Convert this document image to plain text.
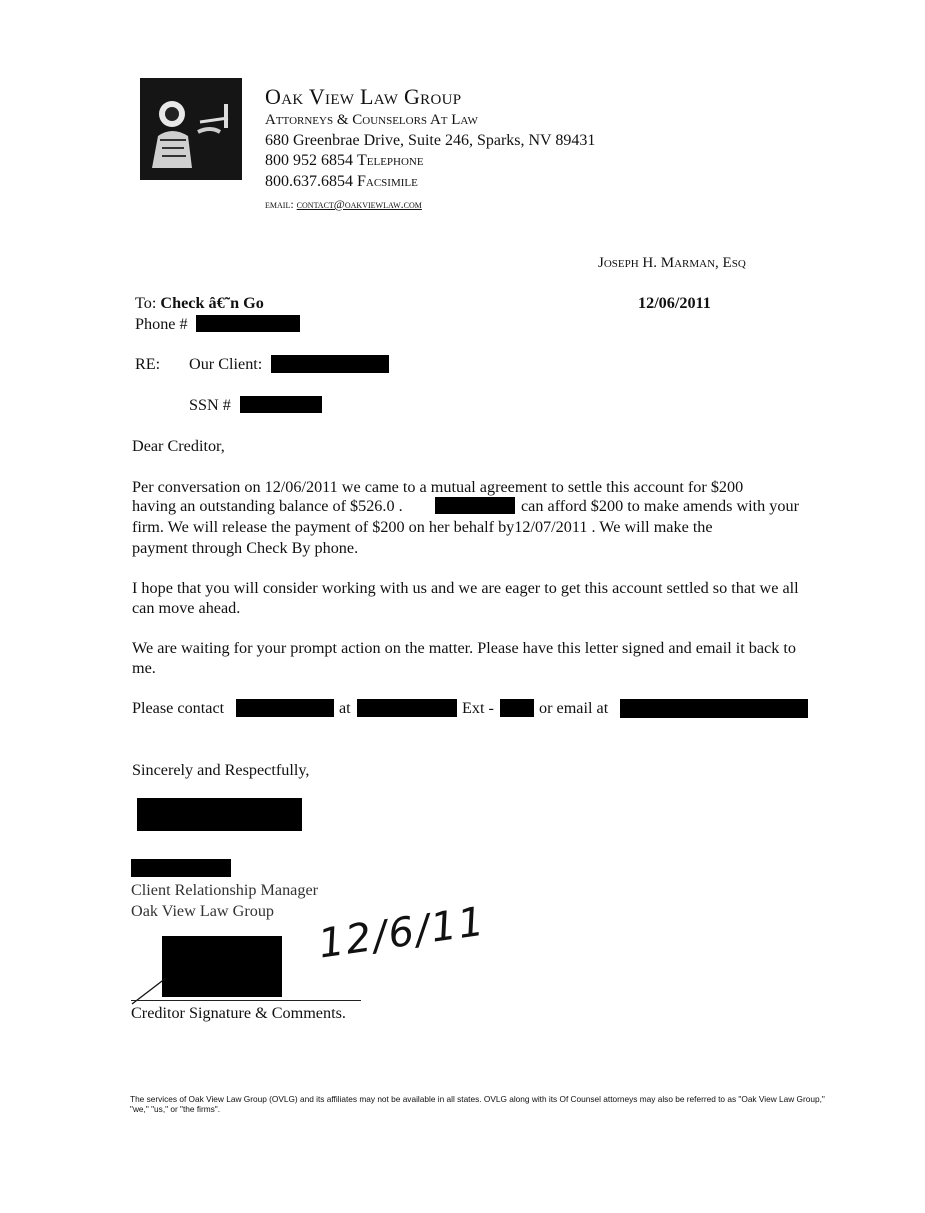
Oak View Law Group
Attorneys & Counselors At Law
680 Greenbrae Drive, Suite 246, Sparks, NV 89431
800 952 6854 Telephone
800.637.6854 Facsimile
email: contact@oakviewlaw.com
Joseph H. Marman, Esq
To: Check â€˜n Go	12/06/2011
Phone #
RE: Our Client:
SSN #
Dear Creditor,
Per conversation on 12/06/2011 we came to a mutual agreement to settle this account for $200
having an outstanding balance of $526.0 .	can afford $200 to make amends with your
firm. We will release the payment of $200 on her behalf by12/07/2011 . We will make the
payment through Check By phone.
I hope that you will consider working with us and we are eager to get this account settled so that we all can move ahead.
We are waiting for your prompt action on the matter. Please have this letter signed and email it back to me.
Please contact	at	Ext -	or email at
Sincerely and Respectfully,
Client Relationship Manager
Oak View Law Group 12/6/11
Creditor Signature & Comments.
The services of Oak View Law Group (OVLG) and its affiliates may not be available in all states. OVLG along with its Of Counsel attorneys may also be referred to as "Oak View Law Group," "we," "us," or "the firms".
